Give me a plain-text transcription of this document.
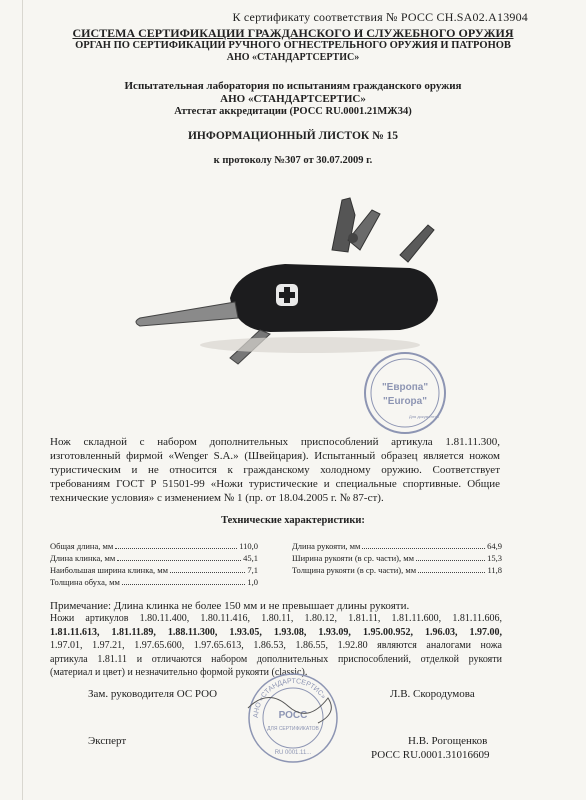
К сертификату соответствия № РОСС CH.SA02.A13904
СИСТЕМА СЕРТИФИКАЦИИ ГРАЖДАНСКОГО И СЛУЖЕБНОГО ОРУЖИЯ
ОРГАН ПО СЕРТИФИКАЦИИ РУЧНОГО ОГНЕСТРЕЛЬНОГО ОРУЖИЯ И ПАТРОНОВ
АНО «СТАНДАРТСЕРТИС»
Испытательная лаборатория по испытаниям гражданского оружия
АНО «СТАНДАРТСЕРТИС»
Аттестат аккредитации (РОСС RU.0001.21МЖ34)
ИНФОРМАЦИОННЫЙ ЛИСТОК № 15
к протоколу №307 от 30.07.2009 г.
"Европа"
"Europa"
Для документов
Нож складной с набором дополнительных приспособлений артикула 1.81.11.300,
изготовленный фирмой «Wenger S.A.» (Швейцария). Испытанный образец является ножом
туристическим и не относится к гражданскому холодному оружию. Соответствует
требованиям ГОСТ Р 51501-99 «Ножи туристические и специальные спортивные. Общие
технические условия» с изменением № 1 (пр. от 18.04.2005 г. № 87-ст).
Технические характеристики:
Общая длина, мм	110,0
Длина клинка, мм	45,1
Наибольшая ширина клинка, мм	7,1
Толщина обуха, мм	1,0
Длина рукояти, мм	64,9
Ширина рукояти (в ср. части), мм	15,3
Толщина рукояти (в ср. части), мм	11,8
Примечание: Длина клинка не более 150 мм и не превышает длины рукояти.
Ножи артикулов 1.80.11.400, 1.80.11.416, 1.80.11, 1.80.12, 1.81.11, 1.81.11.600, 1.81.11.606,
1.81.11.613, 1.81.11.89, 1.88.11.300, 1.93.05, 1.93.08, 1.93.09, 1.95.00.952, 1.96.03, 1.97.00,
1.97.01, 1.97.21, 1.97.65.600, 1.97.65.613, 1.86.53, 1.86.55, 1.92.80 являются аналогами ножа
артикула 1.81.11 и отличаются набором дополнительных приспособлений, отделкой рукояти
(материал и цвет) и незначительно формой рукояти (classic).
АНО «СТАНДАРТСЕРТИС»
РОСС
ДЛЯ СЕРТИФИКАТОВ
RU 0001.11...
Зам. руководителя ОС РОО	Л.В. Скородумова
Эксперт	Н.В. Рогощенков
РОСС RU.0001.31016609
